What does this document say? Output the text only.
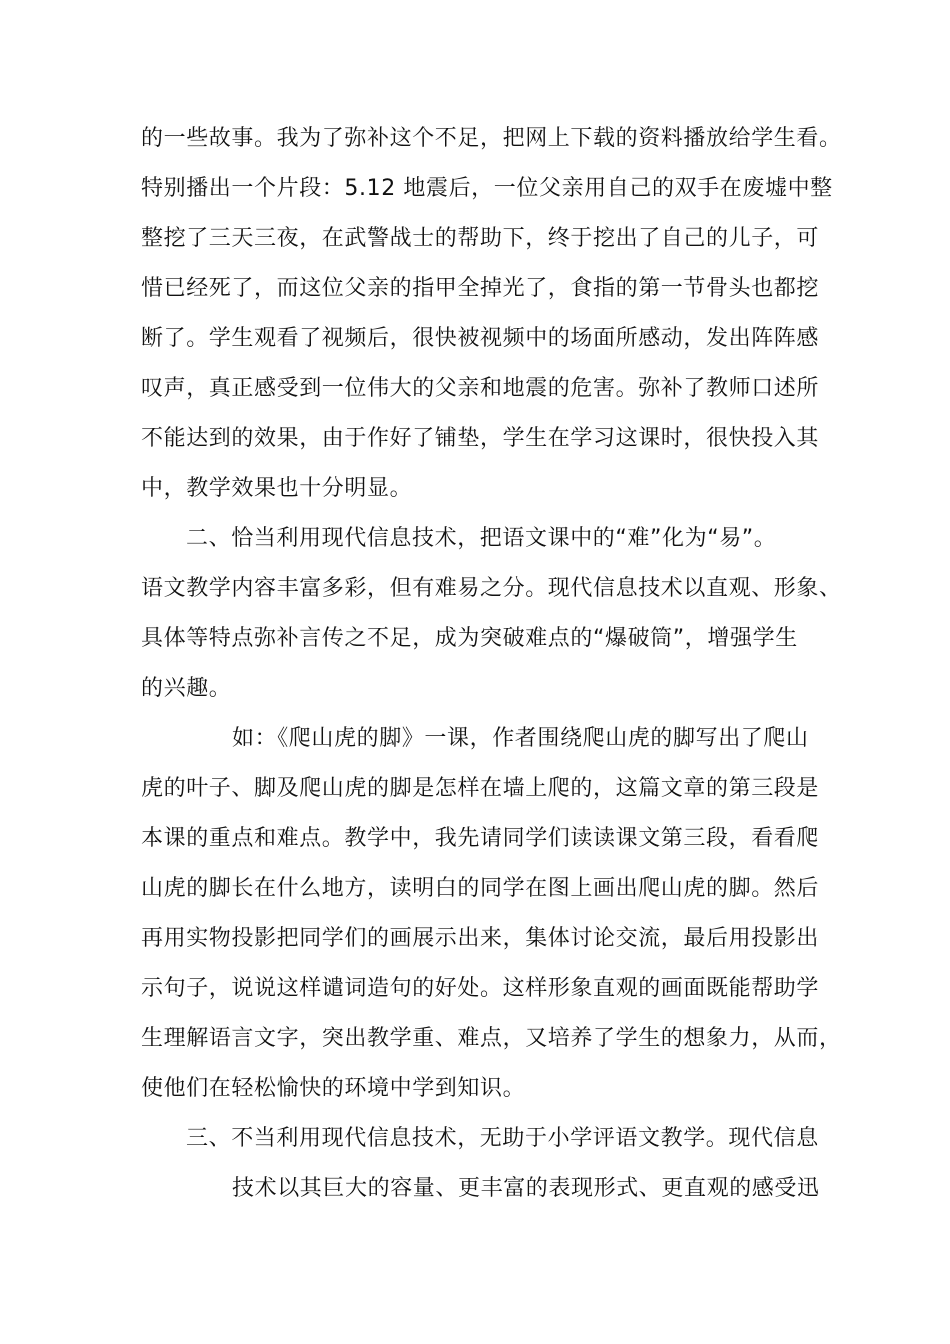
的一些故事。我为了弥补这个不足，把网上下载的资料播放给学生看。
特别播出一个片段：5.12 地震后，一位父亲用自己的双手在废墟中整
整挖了三天三夜，在武警战士的帮助下，终于挖出了自己的儿子，可
惜已经死了，而这位父亲的指甲全掉光了，食指的第一节骨头也都挖
断了。学生观看了视频后，很快被视频中的场面所感动，发出阵阵感
叹声，真正感受到一位伟大的父亲和地震的危害。弥补了教师口述所
不能达到的效果，由于作好了铺垫，学生在学习这课时，很快投入其
中，教学效果也十分明显。
二、恰当利用现代信息技术，把语文课中的“难”化为“易”。
语文教学内容丰富多彩，但有难易之分。现代信息技术以直观、形象、
具体等特点弥补言传之不足，成为突破难点的“爆破筒”，增强学生
的兴趣。
如：《爬山虎的脚》一课，作者围绕爬山虎的脚写出了爬山
虎的叶子、脚及爬山虎的脚是怎样在墙上爬的，这篇文章的第三段是
本课的重点和难点。教学中，我先请同学们读读课文第三段，看看爬
山虎的脚长在什么地方，读明白的同学在图上画出爬山虎的脚。然后
再用实物投影把同学们的画展示出来，集体讨论交流，最后用投影出
示句子，说说这样谴词造句的好处。这样形象直观的画面既能帮助学
生理解语言文字，突出教学重、难点，又培养了学生的想象力，从而，
使他们在轻松愉快的环境中学到知识。
三、不当利用现代信息技术，无助于小学评语文教学。现代信息
技术以其巨大的容量、更丰富的表现形式、更直观的感受迅
